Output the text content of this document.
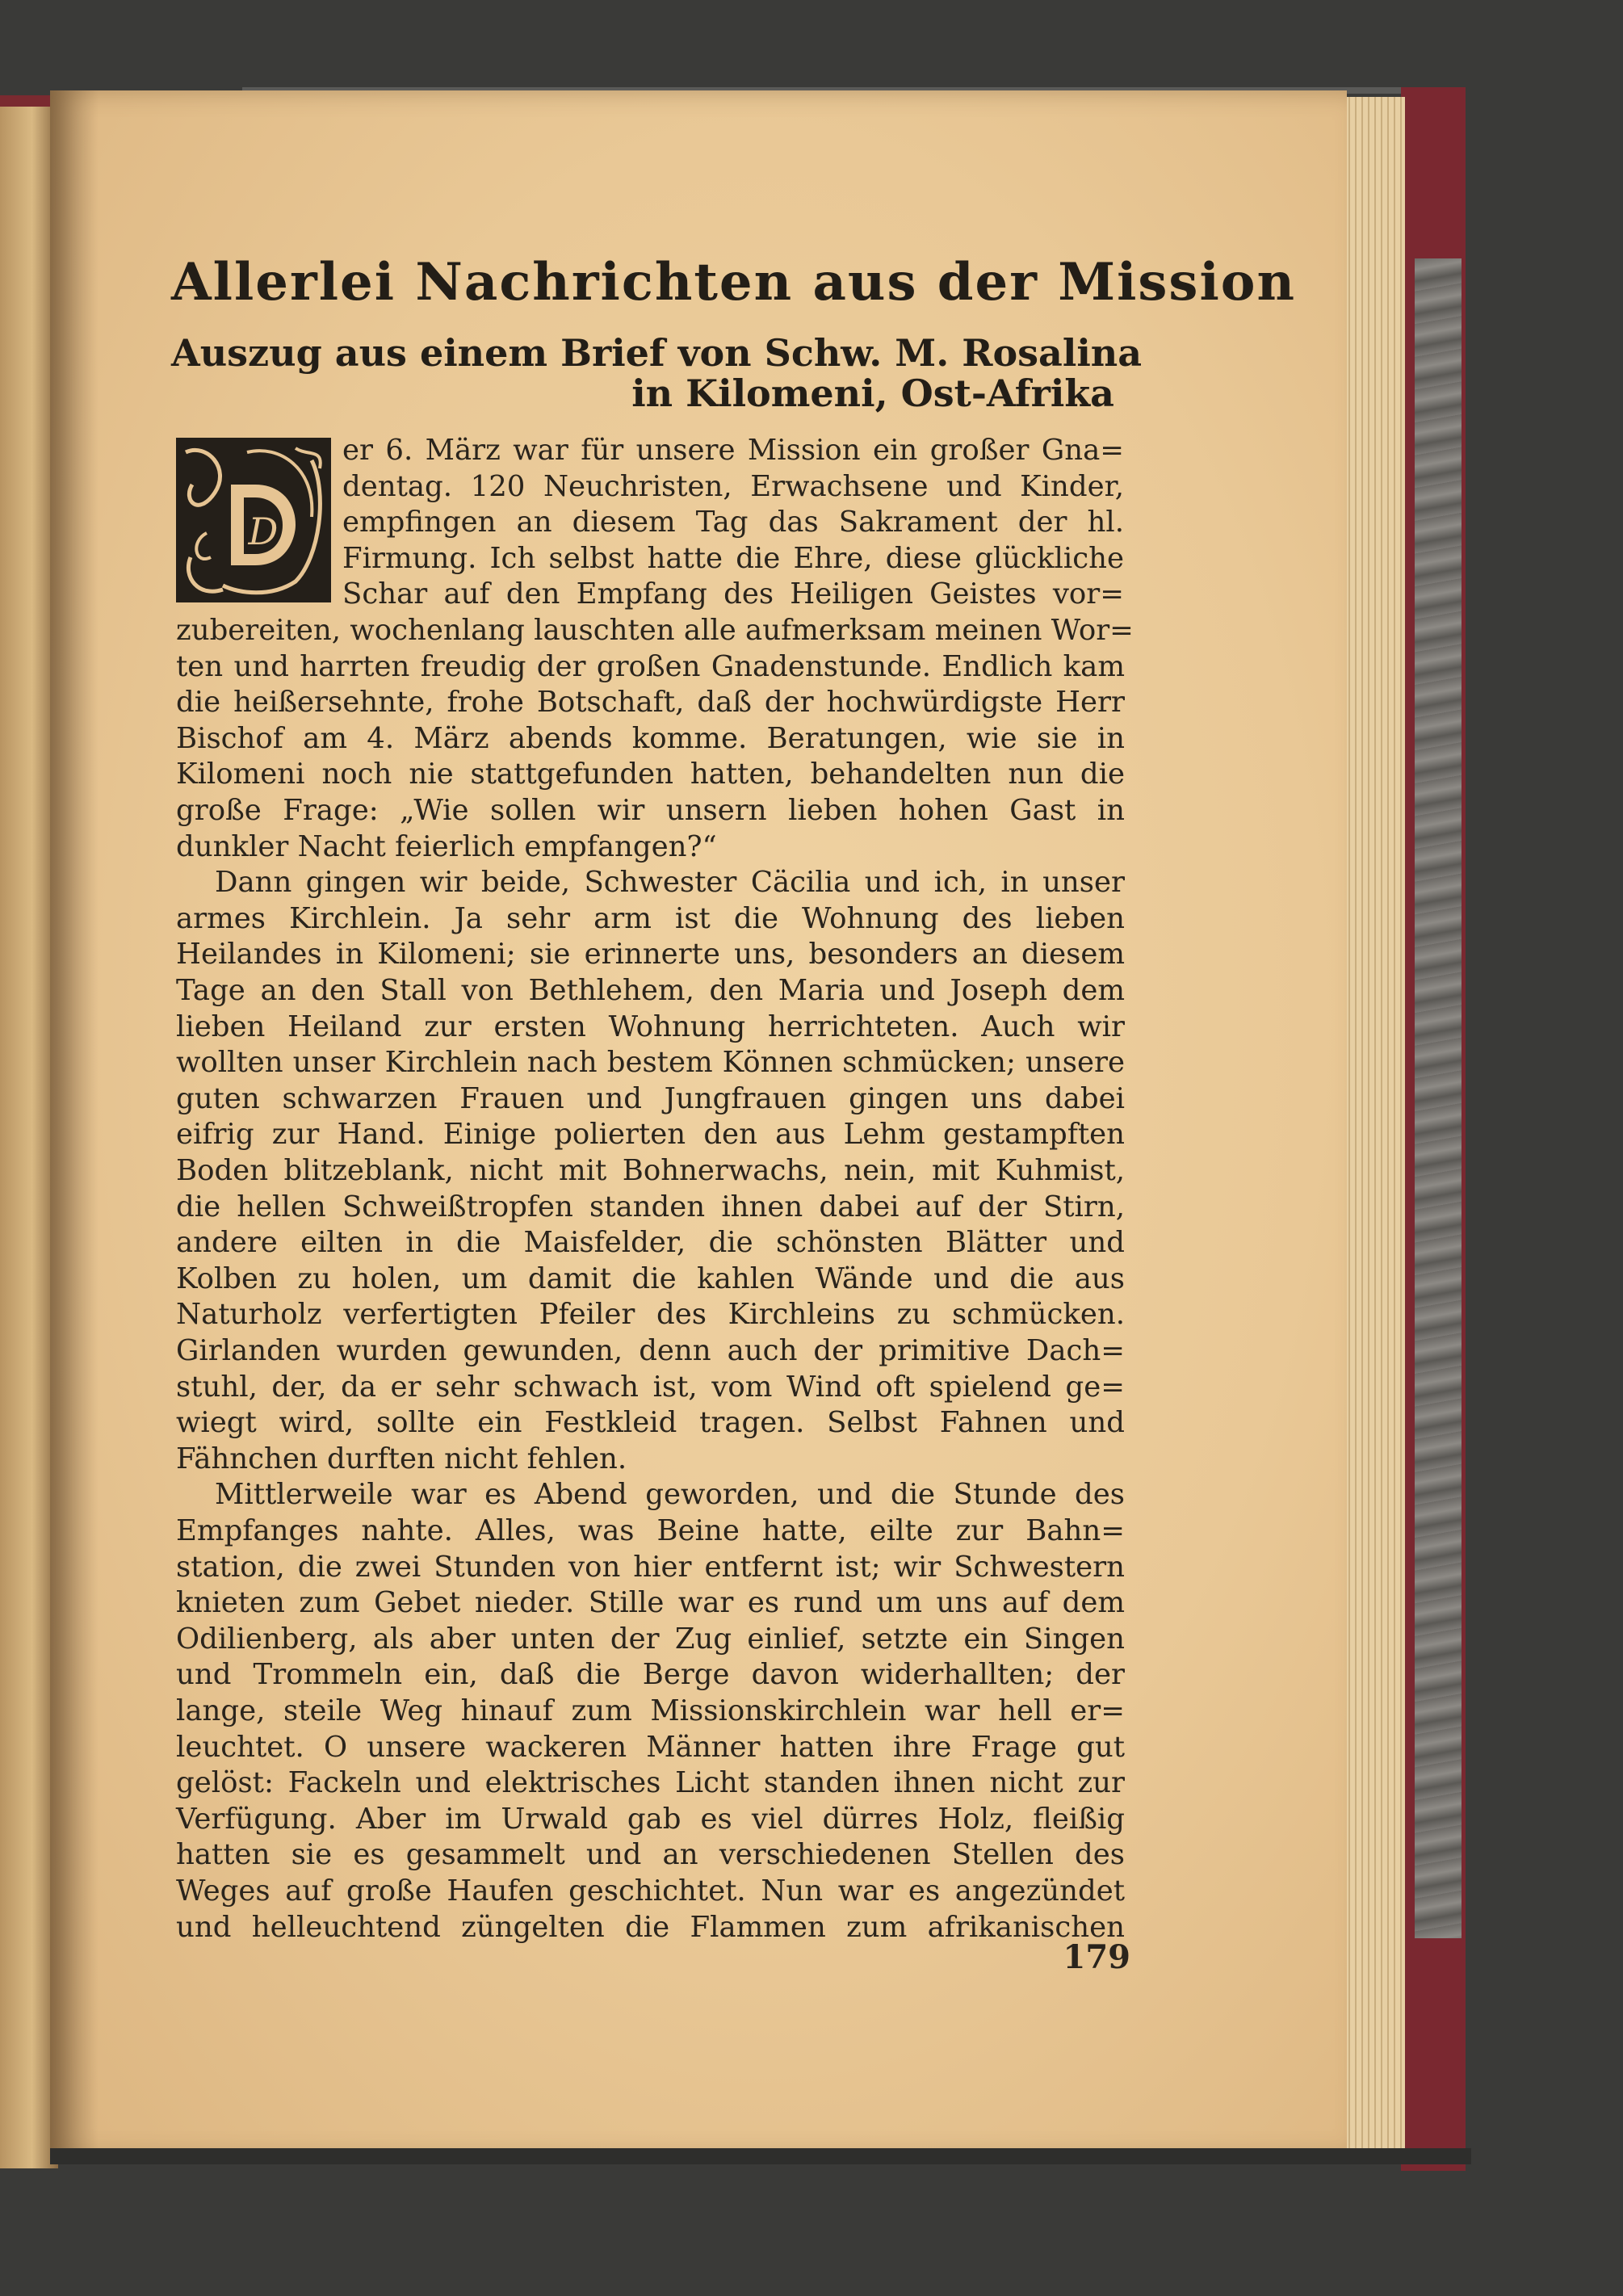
Allerlei Nachrichten aus der Mission
Auszug aus einem Brief von Schw. M. Rosalina
in Kilomeni, Ost-Afrika
D
er 6. März war für unsere Mission ein großer Gna=
dentag. 120 Neuchristen, Erwachsene und Kinder,
empfingen an diesem Tag das Sakrament der hl.
Firmung. Ich selbst hatte die Ehre, diese glückliche
Schar auf den Empfang des Heiligen Geistes vor=
zubereiten, wochenlang lauschten alle aufmerksam meinen Wor=
ten und harrten freudig der großen Gnadenstunde. Endlich kam
die heißersehnte, frohe Botschaft, daß der hochwürdigste Herr
Bischof am 4. März abends komme. Beratungen, wie sie in
Kilomeni noch nie stattgefunden hatten, behandelten nun die
große Frage: „Wie sollen wir unsern lieben hohen Gast in
dunkler Nacht feierlich empfangen?“
Dann gingen wir beide, Schwester Cäcilia und ich, in unser
armes Kirchlein. Ja sehr arm ist die Wohnung des lieben
Heilandes in Kilomeni; sie erinnerte uns, besonders an diesem
Tage an den Stall von Bethlehem, den Maria und Joseph dem
lieben Heiland zur ersten Wohnung herrichteten. Auch wir
wollten unser Kirchlein nach bestem Können schmücken; unsere
guten schwarzen Frauen und Jungfrauen gingen uns dabei
eifrig zur Hand. Einige polierten den aus Lehm gestampften
Boden blitzeblank, nicht mit Bohnerwachs, nein, mit Kuhmist,
die hellen Schweißtropfen standen ihnen dabei auf der Stirn,
andere eilten in die Maisfelder, die schönsten Blätter und
Kolben zu holen, um damit die kahlen Wände und die aus
Naturholz verfertigten Pfeiler des Kirchleins zu schmücken.
Girlanden wurden gewunden, denn auch der primitive Dach=
stuhl, der, da er sehr schwach ist, vom Wind oft spielend ge=
wiegt wird, sollte ein Festkleid tragen. Selbst Fahnen und
Fähnchen durften nicht fehlen.
Mittlerweile war es Abend geworden, und die Stunde des
Empfanges nahte. Alles, was Beine hatte, eilte zur Bahn=
station, die zwei Stunden von hier entfernt ist; wir Schwestern
knieten zum Gebet nieder. Stille war es rund um uns auf dem
Odilienberg, als aber unten der Zug einlief, setzte ein Singen
und Trommeln ein, daß die Berge davon widerhallten; der
lange, steile Weg hinauf zum Missionskirchlein war hell er=
leuchtet. O unsere wackeren Männer hatten ihre Frage gut
gelöst: Fackeln und elektrisches Licht standen ihnen nicht zur
Verfügung. Aber im Urwald gab es viel dürres Holz, fleißig
hatten sie es gesammelt und an verschiedenen Stellen des
Weges auf große Haufen geschichtet. Nun war es angezündet
und helleuchtend züngelten die Flammen zum afrikanischen
179
